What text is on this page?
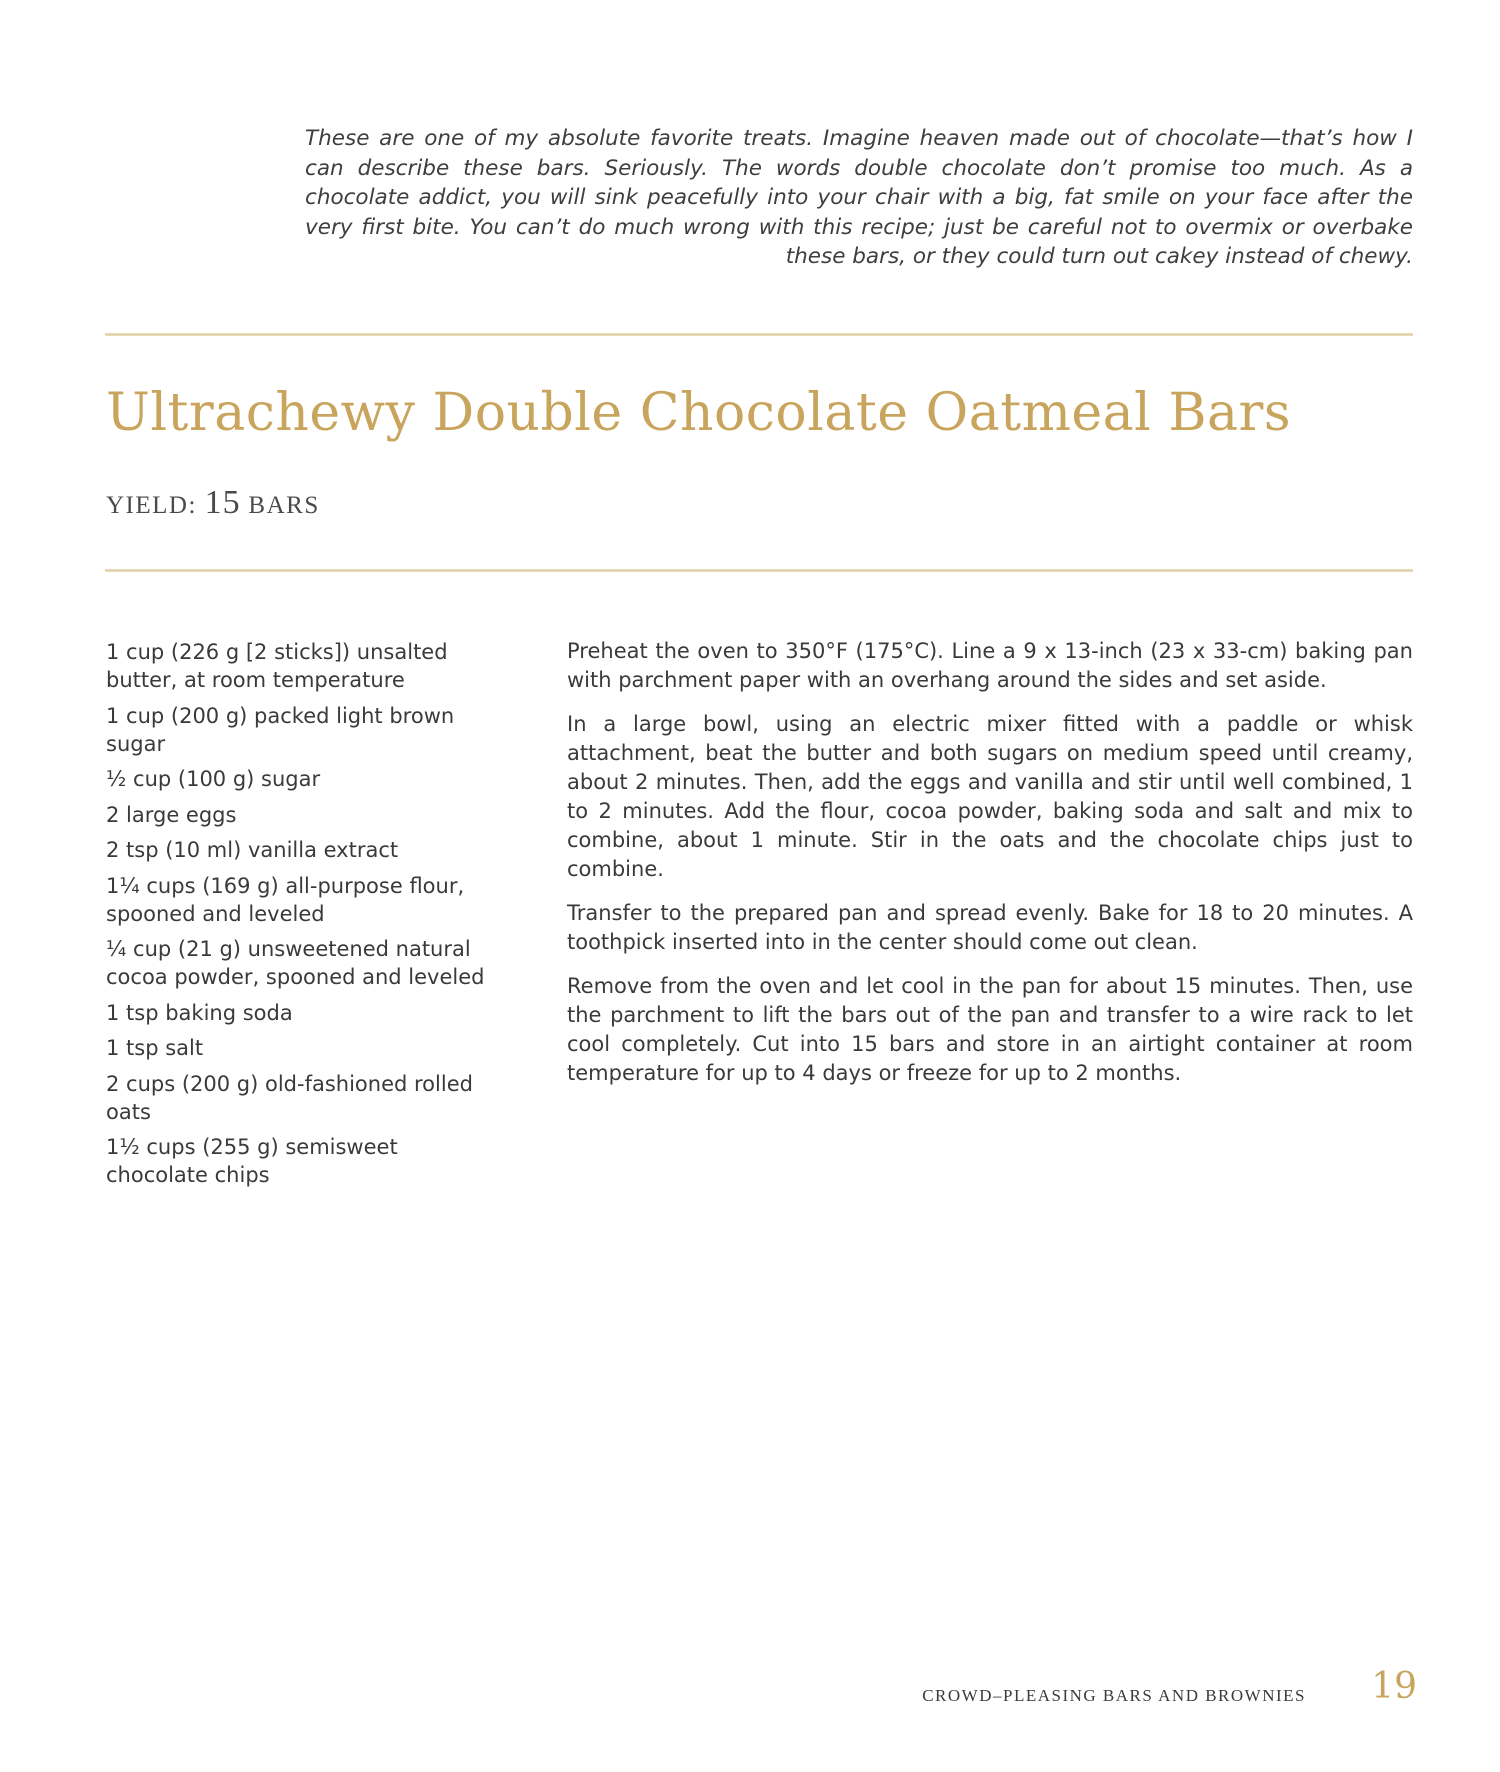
These are one of my absolute favorite treats. Imagine heaven made out of chocolate—that’s how I can describe these bars. Seriously. The words double chocolate don’t promise too much. As a chocolate addict, you will sink peacefully into your chair with a big, fat smile on your face after the very first bite. You can’t do much wrong with this recipe; just be careful not to overmix or overbake these bars, or they could turn out cakey instead of chewy.

Ultrachewy Double Chocolate Oatmeal Bars
YIELD: 15 BARS
1 cup (226 g [2 sticks]) unsalted butter, at room temperature
1 cup (200 g) packed light brown sugar
½ cup (100 g) sugar
2 large eggs
2 tsp (10 ml) vanilla extract
1¼ cups (169 g) all-purpose flour, spooned and leveled
¼ cup (21 g) unsweetened natural cocoa powder, spooned and leveled
1 tsp baking soda
1 tsp salt
2 cups (200 g) old-fashioned rolled oats
1½ cups (255 g) semisweet chocolate chips

Preheat the oven to 350°F (175°C). Line a 9 x 13-inch (23 x 33-cm) baking pan with parchment paper with an overhang around the sides and set aside.

In a large bowl, using an electric mixer fitted with a paddle or whisk attachment, beat the butter and both sugars on medium speed until creamy, about 2 minutes. Then, add the eggs and vanilla and stir until well combined, 1 to 2 minutes. Add the flour, cocoa powder, baking soda and salt and mix to combine, about 1 minute. Stir in the oats and the chocolate chips just to combine.

Transfer to the prepared pan and spread evenly. Bake for 18 to 20 minutes. A toothpick inserted into in the center should come out clean.

Remove from the oven and let cool in the pan for about 15 minutes. Then, use the parchment to lift the bars out of the pan and transfer to a wire rack to let cool completely. Cut into 15 bars and store in an airtight container at room temperature for up to 4 days or freeze for up to 2 months.

CROWD–PLEASING BARS AND BROWNIES 19
